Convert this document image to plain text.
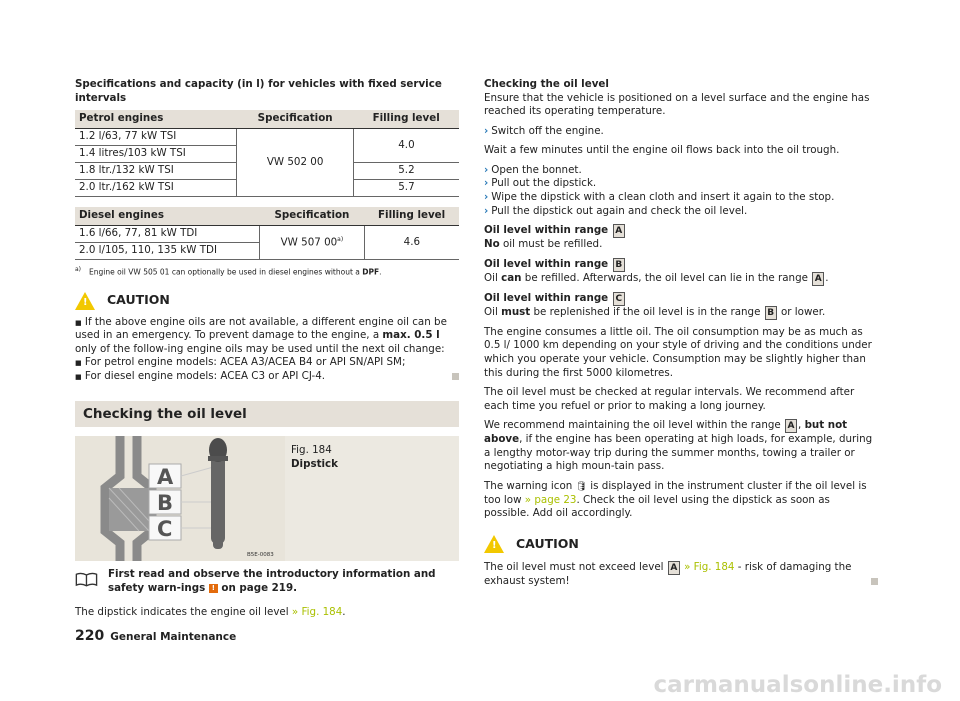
Specifications and capacity (in l) for vehicles with fixed service intervals
Petrol engines	Specification	Filling level
1.2 l/63, 77 kW TSI	VW 502 00	4.0
1.4 litres/103 kW TSI		
1.8 ltr./132 kW TSI		5.2
2.0 ltr./162 kW TSI		5.7
Diesel engines	Specification	Filling level
1.6 l/66, 77, 81 kW TDI	VW 507 00$^{a)}$	4.6
2.0 l/105, 110, 135 kW TDI		
$^{a)}$ Engine oil VW 505 01 can optionally be used in diesel engines without a DPF.
! CAUTION

■ If the above engine oils are not available, a different engine oil can be used in an emergency. To prevent damage to the engine, a max. 0.5 l only of the follow-ing engine oils may be used until the next oil change:

■ For petrol engine models: ACEA A3/ACEA B4 or API SN/API SM;

■ For diesel engine models: ACEA C3 or API CJ-4.

Checking the oil level
A
B
C
B5E-0083
Fig. 184
Dipstick
First read and observe the introductory information and safety warn-ings ! on page 219.

The dipstick indicates the engine oil level » Fig. 184.

Checking the oil level

Ensure that the vehicle is positioned on a level surface and the engine has reached its operating temperature.

› Switch off the engine.

Wait a few minutes until the engine oil flows back into the oil trough.

› Open the bonnet.

› Pull out the dipstick.

› Wipe the dipstick with a clean cloth and insert it again to the stop.

› Pull the dipstick out again and check the oil level.

Oil level within range A
No oil must be refilled.
Oil level within range B
Oil can be refilled. Afterwards, the oil level can lie in the range A .
Oil level within range C
Oil must be replenished if the oil level is in the range B or lower.

The engine consumes a little oil. The oil consumption may be as much as 0.5 l/ 1000 km depending on your style of driving and the conditions under which you operate your vehicle. Consumption may be slightly higher than this during the first 5000 kilometres.

The oil level must be checked at regular intervals. We recommend after each time you refuel or prior to making a long journey.

We recommend maintaining the oil level within the range A , but not above, if the engine has been operating at high loads, for example, during a lengthy motor-way trip during the summer months, towing a trailer or negotiating a high moun-tain pass.

The warning icon 🛢 is displayed in the instrument cluster if the oil level is too low » page 23. Check the oil level using the dipstick as soon as possible. Add oil accordingly.

! CAUTION

The oil level must not exceed level A » Fig. 184 - risk of damaging the exhaust system!

220 General Maintenance
carmanualsonline.info
